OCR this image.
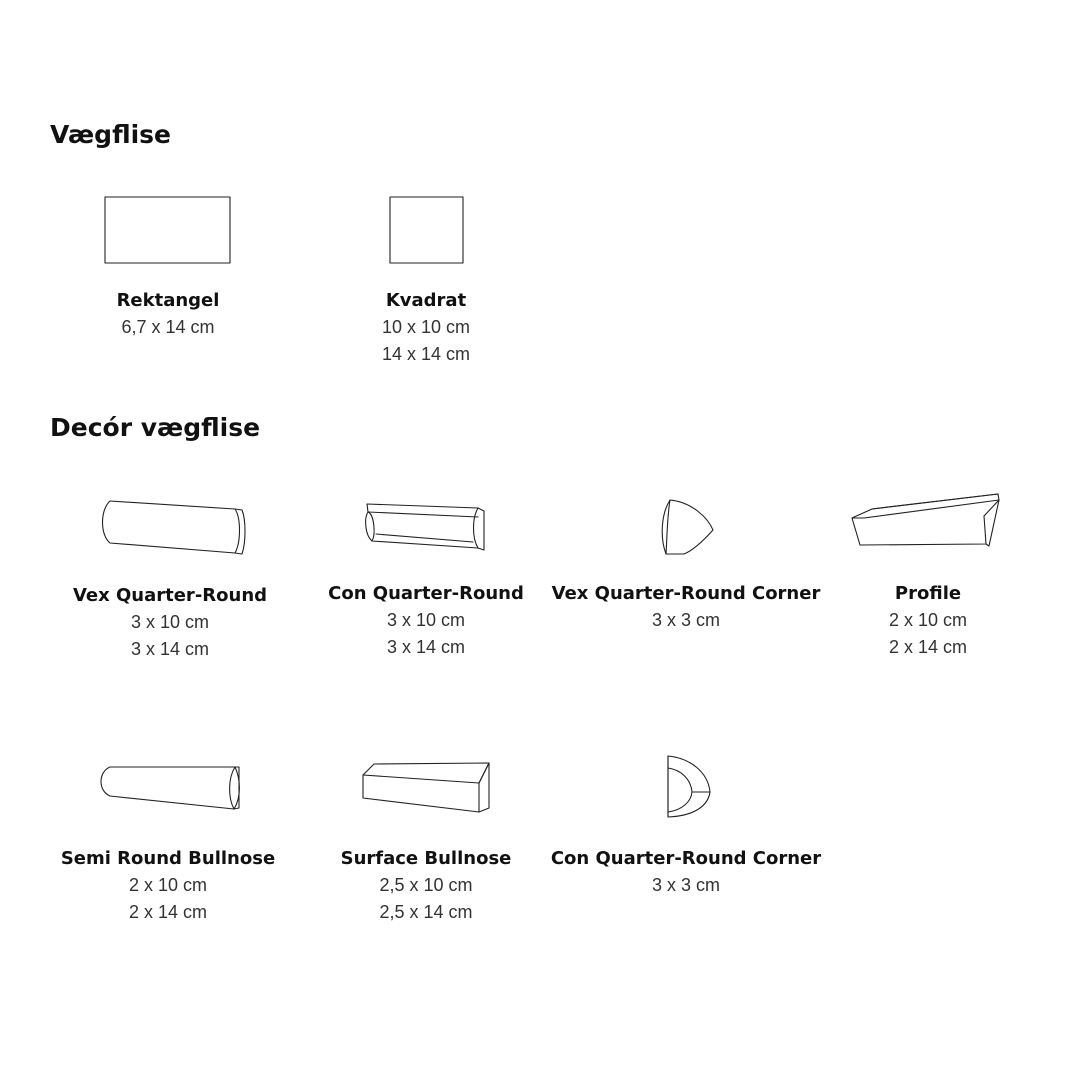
Vægflise
Rektangel
6,7 x 14 cm
Kvadrat
10 x 10 cm
14 x 14 cm
Decór vægflise
Vex Quarter-Round
3 x 10 cm
3 x 14 cm
Con Quarter-Round
3 x 10 cm
3 x 14 cm
Vex Quarter-Round Corner
3 x 3 cm
Profile
2 x 10 cm
2 x 14 cm
Semi Round Bullnose
2 x 10 cm
2 x 14 cm
Surface Bullnose
2,5 x 10 cm
2,5 x 14 cm
Con Quarter-Round Corner
3 x 3 cm
